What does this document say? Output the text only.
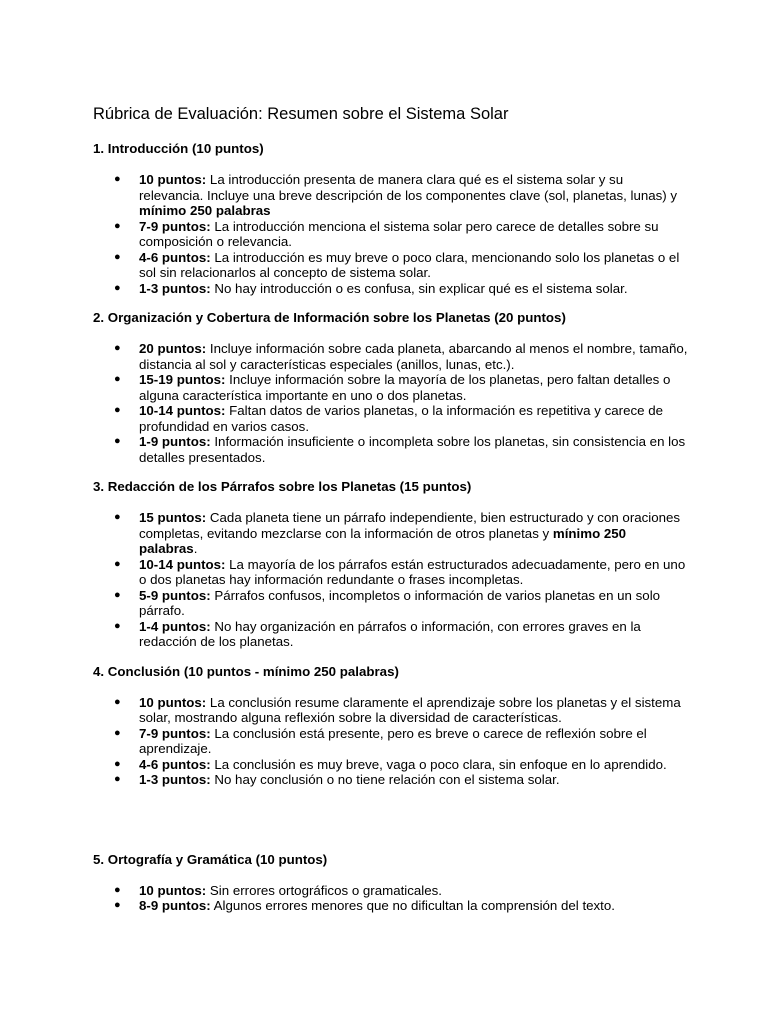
Rúbrica de Evaluación: Resumen sobre el Sistema Solar
1. Introducción (10 puntos)
● 10 puntos: La introducción presenta de manera clara qué es el sistema solar y su relevancia. Incluye una breve descripción de los componentes clave (sol, planetas, lunas) y mínimo 250 palabras
● 7-9 puntos: La introducción menciona el sistema solar pero carece de detalles sobre su composición o relevancia.
● 4-6 puntos: La introducción es muy breve o poco clara, mencionando solo los planetas o el sol sin relacionarlos al concepto de sistema solar.
● 1-3 puntos: No hay introducción o es confusa, sin explicar qué es el sistema solar.
2. Organización y Cobertura de Información sobre los Planetas (20 puntos)
● 20 puntos: Incluye información sobre cada planeta, abarcando al menos el nombre, tamaño, distancia al sol y características especiales (anillos, lunas, etc.).
● 15-19 puntos: Incluye información sobre la mayoría de los planetas, pero faltan detalles o alguna característica importante en uno o dos planetas.
● 10-14 puntos: Faltan datos de varios planetas, o la información es repetitiva y carece de profundidad en varios casos.
● 1-9 puntos: Información insuficiente o incompleta sobre los planetas, sin consistencia en los detalles presentados.
3. Redacción de los Párrafos sobre los Planetas (15 puntos)
● 15 puntos: Cada planeta tiene un párrafo independiente, bien estructurado y con oraciones completas, evitando mezclarse con la información de otros planetas y mínimo 250 palabras.
● 10-14 puntos: La mayoría de los párrafos están estructurados adecuadamente, pero en uno o dos planetas hay información redundante o frases incompletas.
● 5-9 puntos: Párrafos confusos, incompletos o información de varios planetas en un solo párrafo.
● 1-4 puntos: No hay organización en párrafos o información, con errores graves en la redacción de los planetas.
4. Conclusión (10 puntos - mínimo 250 palabras)
● 10 puntos: La conclusión resume claramente el aprendizaje sobre los planetas y el sistema solar, mostrando alguna reflexión sobre la diversidad de características.
● 7-9 puntos: La conclusión está presente, pero es breve o carece de reflexión sobre el aprendizaje.
● 4-6 puntos: La conclusión es muy breve, vaga o poco clara, sin enfoque en lo aprendido.
● 1-3 puntos: No hay conclusión o no tiene relación con el sistema solar.
5. Ortografía y Gramática (10 puntos)
● 10 puntos: Sin errores ortográficos o gramaticales.
● 8-9 puntos: Algunos errores menores que no dificultan la comprensión del texto.
